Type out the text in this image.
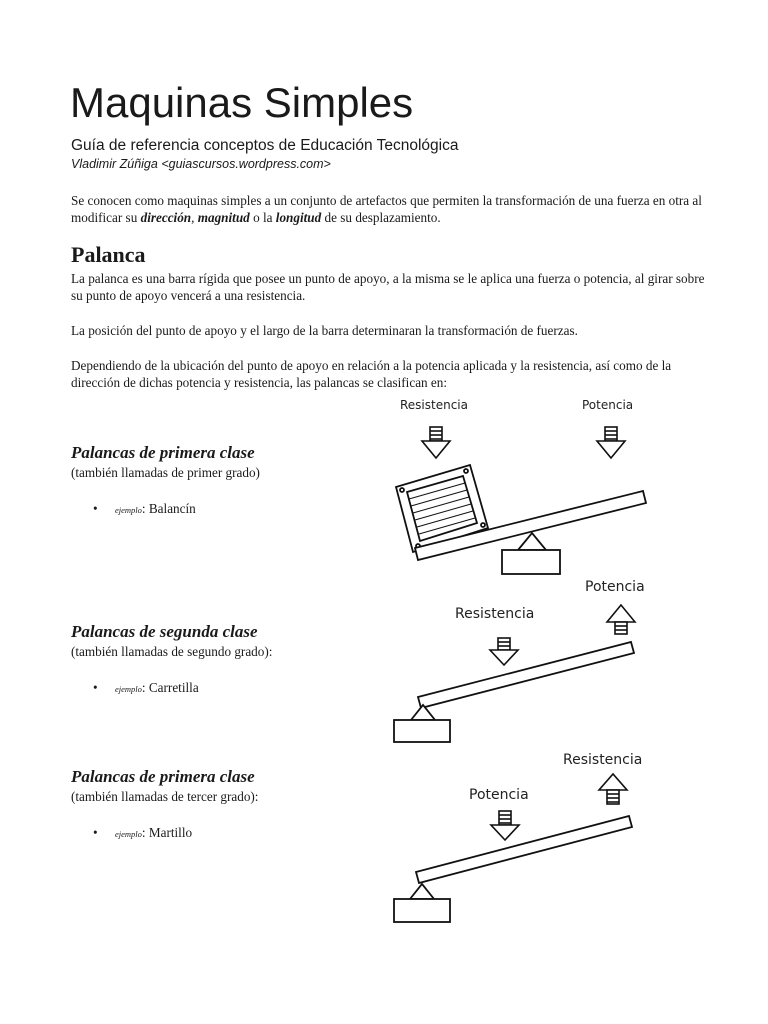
Maquinas Simples
Guía de referencia conceptos de Educación Tecnológica
Vladimir Zúñiga <guiascursos.wordpress.com>

Se conocen como maquinas simples a un conjunto de artefactos que permiten la transformación de una fuerza en otra al modificar su dirección, magnitud o la longitud de su desplazamiento.

Palanca

La palanca es una barra rígida que posee un punto de apoyo, a la misma se le aplica una fuerza o potencia, al girar sobre su punto de apoyo vencerá a una resistencia.

La posición del punto de apoyo y el largo de la barra determinaran la transformación de fuerzas.

Dependiendo de la ubicación del punto de apoyo en relación a la potencia aplicada y la resistencia, así como de la dirección de dichas potencia y resistencia, las palancas se clasifican en:

Palancas de primera clase
(también llamadas de primer grado)
• ejemplo: Balancín
Palancas de segunda clase
(también llamadas de segundo grado):
• ejemplo: Carretilla
Palancas de primera clase
(también llamadas de tercer grado):
• ejemplo: Martillo
Resistencia	Potencia
Resistencia
Potencia
Potencia
Resistencia
